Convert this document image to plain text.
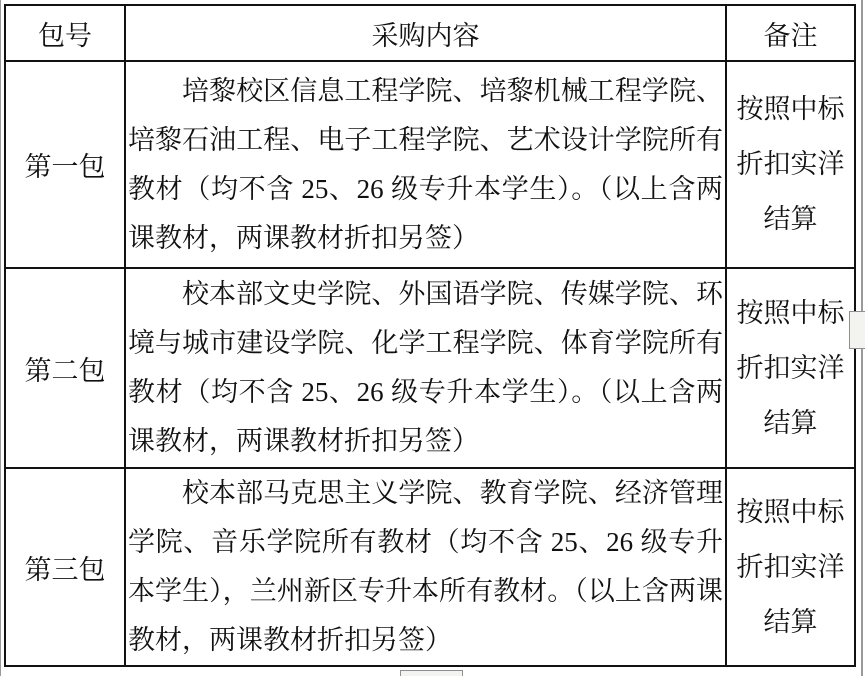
包号	采购内容	备注
第一包	培黎校区信息工程学院、培黎机械工程学院、培黎石油工程、电子工程学院、艺术设计学院所有教材（均不含 25、26 级专升本学生）。（以上含两课教材，两课教材折扣另签）	按照中标折扣实洋结算
第二包	校本部文史学院、外国语学院、传媒学院、环境与城市建设学院、化学工程学院、体育学院所有教材（均不含 25、26 级专升本学生）。（以上含两课教材，两课教材折扣另签）	按照中标折扣实洋结算
第三包	校本部马克思主义学院、教育学院、经济管理学院、音乐学院所有教材（均不含 25、26 级专升本学生），兰州新区专升本所有教材。（以上含两课教材，两课教材折扣另签）	按照中标折扣实洋结算
